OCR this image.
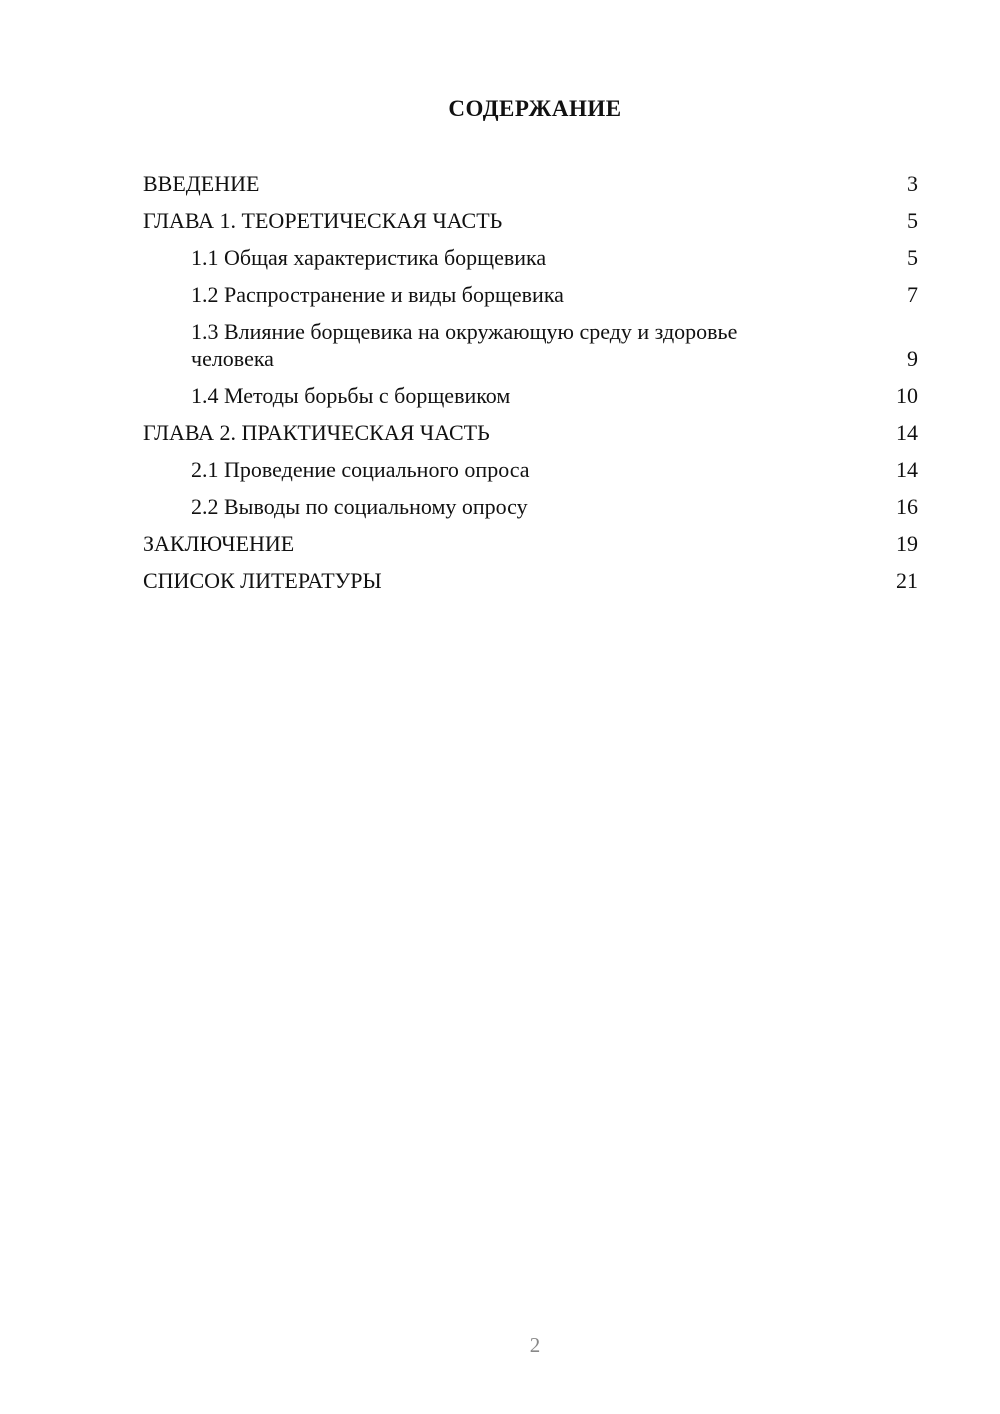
СОДЕРЖАНИЕ
ВВЕДЕНИЕ	3
ГЛАВА 1. ТЕОРЕТИЧЕСКАЯ ЧАСТЬ	5
1.1 Общая характеристика борщевика	5
1.2 Распространение и виды борщевика	7
1.3 Влияние борщевика на окружающую среду и здоровье человека	9
1.4 Методы борьбы с борщевиком	10
ГЛАВА 2. ПРАКТИЧЕСКАЯ ЧАСТЬ	14
2.1 Проведение социального опроса	14
2.2 Выводы по социальному опросу	16
ЗАКЛЮЧЕНИЕ	19
СПИСОК ЛИТЕРАТУРЫ	21
2
